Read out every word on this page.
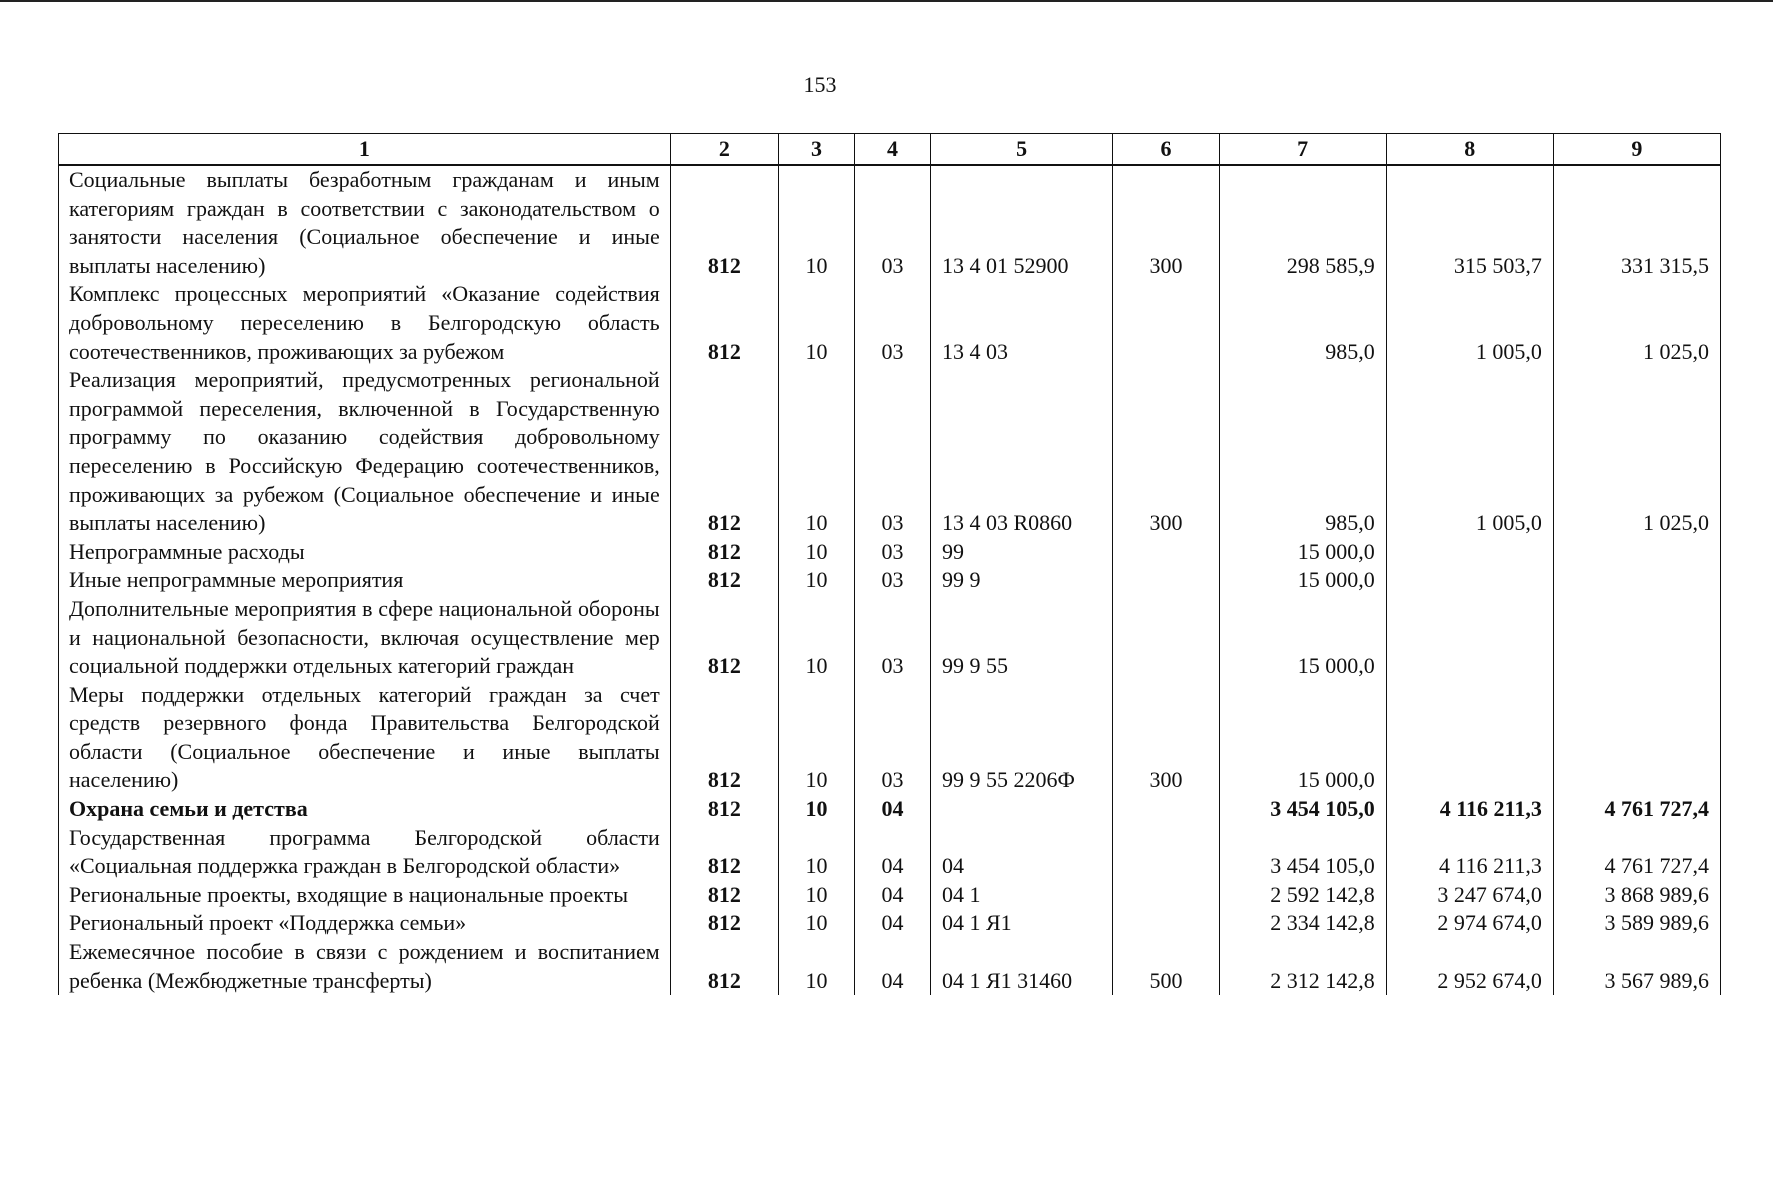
153
1	2	3	4	5	6	7	8	9
Социальные выплаты безработным гражданам и иным категориям граждан в соответствии с законодательством о занятости населения (Социальное обеспечение и иные выплаты населению)	812	10	03	13 4 01 52900	300	298 585,9	315 503,7	331 315,5
Комплекс процессных мероприятий «Оказание содействия добровольному переселению в Белгородскую область соотечественников, проживающих за рубежом	812	10	03	13 4 03		985,0	1 005,0	1 025,0
Реализация мероприятий, предусмотренных региональной программой переселения, включенной в Государственную программу по оказанию содействия добровольному переселению в Российскую Федерацию соотечественников, проживающих за рубежом (Социальное обеспечение и иные выплаты населению)	812	10	03	13 4 03 R0860	300	985,0	1 005,0	1 025,0
Непрограммные расходы	812	10	03	99		15 000,0		
Иные непрограммные мероприятия	812	10	03	99 9		15 000,0		
Дополнительные мероприятия в сфере национальной обороны и национальной безопасности, включая осуществление мер социальной поддержки отдельных категорий граждан	812	10	03	99 9 55		15 000,0		
Меры поддержки отдельных категорий граждан за счет средств резервного фонда Правительства Белгородской области (Социальное обеспечение и иные выплаты населению)	812	10	03	99 9 55 2206Ф	300	15 000,0		
Охрана семьи и детства	812	10	04			3 454 105,0	4 116 211,3	4 761 727,4
Государственная программа Белгородской области «Социальная поддержка граждан в Белгородской области»	812	10	04	04		3 454 105,0	4 116 211,3	4 761 727,4
Региональные проекты, входящие в национальные проекты	812	10	04	04 1		2 592 142,8	3 247 674,0	3 868 989,6
Региональный проект «Поддержка семьи»	812	10	04	04 1 Я1		2 334 142,8	2 974 674,0	3 589 989,6
Ежемесячное пособие в связи с рождением и воспитанием ребенка (Межбюджетные трансферты)	812	10	04	04 1 Я1 31460	500	2 312 142,8	2 952 674,0	3 567 989,6
